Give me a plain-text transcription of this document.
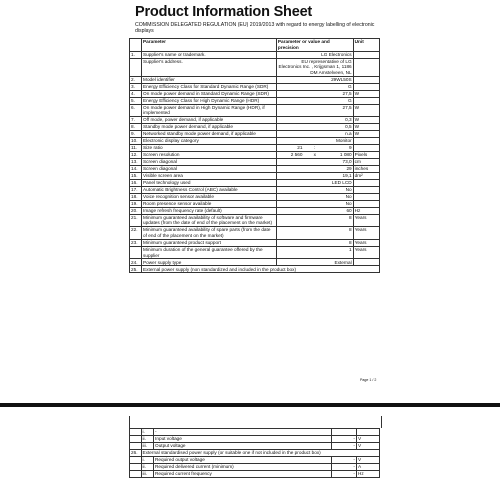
Product Information Sheet
COMMISSION DELEGATED REGULATION (EU) 2019/2013 with regard to energy labelling of electronic displays
	Parameter	Parameter or value and precision	Unit
1.	Supplier's name or trademark.	LG Electronics	
	Supplier's address.	EU representative of LG Electronics Inc. , Krijgsman 1, 1186 DM Amstelveen, NL	
2.	Model identifier	29WL50S	
3.	Energy Efficiency Class for Standard Dynamic Range (SDR)	G	
4.	On mode power demand in Standard Dynamic Range (SDR)	27,5	W
5.	Energy Efficiency Class for High Dynamic Range (HDR)	G	
6.	On mode power demand in High Dynamic Range (HDR), if implemented	27,5	W
7.	Off mode, power demand, if applicable	0,3	W
8.	Standby mode power demand, if applicable	0,5	W
9.	Networked standby mode power demand, if applicable	n.a	W
10.	Electronic display category	Monitor	
11.	Size ratio	21 : 9	

12.	Screen resolution	2 560 x 1 080	Pixels
13.	Screen diagonal	73,0	cm
14.	Screen diagonal	29	inches
15.	Visible screen area	19,1	dm²
16.	Panel technology used	LED LCD	
17.	Automatic Brightness Control (ABC) available	No	
18.	Voice recognition sensor available	No	
19.	Room presence sensor available	No	
20.	Image refresh frequency rate (default)	60	Hz
21.	Minimum guaranteed availability of software and firmware updates (from the date of end of the placement on the market)	8	Years
22.	Minimum guaranteed availability of spare parts (from the date of end of the placement on the market)	8	Years
23.	Minimum guaranteed product support	8	Years
	Minimum duration of the general guarantee offered by the supplier	1	Years
24.	Power supply type	External	
25.	External power supply (non standardized and included in the product box)		
Page 1 / 2
	i.	-		
	ii.	Input voltage	-	V
	iii.	Output voltage	-	V
26.	External standardised power supply (or suitable one if not included in the product box)			
	i.	Required output voltage	-	V
	ii.	Required delivered current (minimum)	-	A
	iii.	Required current frequency	-	Hz
